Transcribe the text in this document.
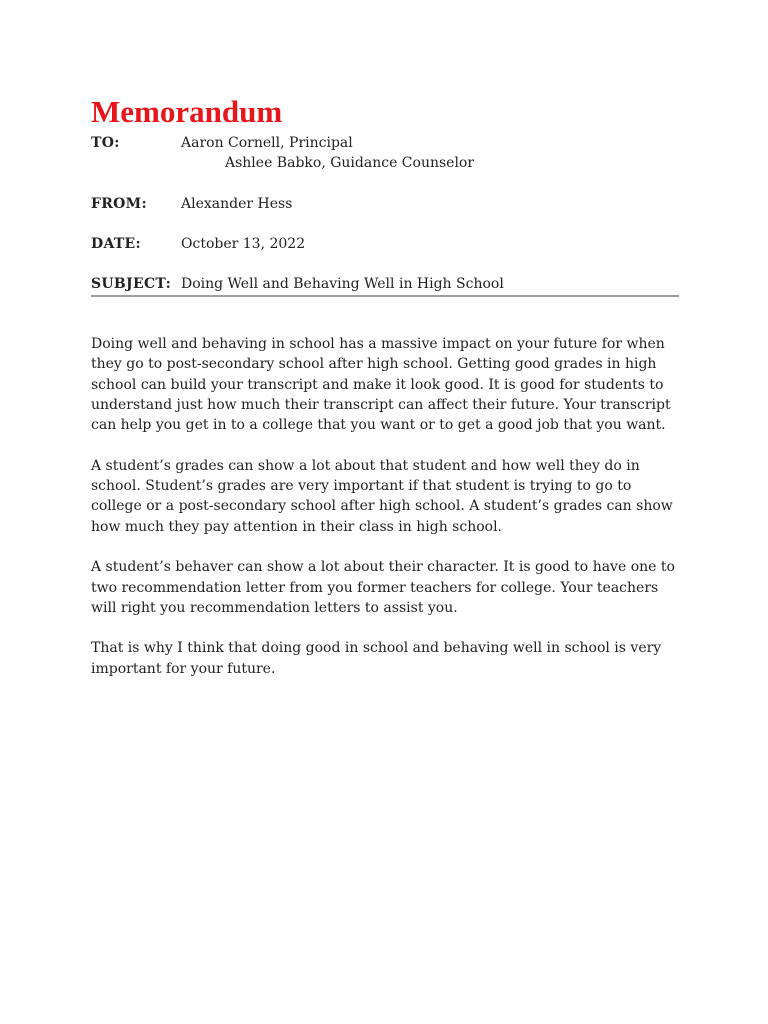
Memorandum
TO:	Aaron Cornell, Principal
Ashlee Babko, Guidance Counselor
FROM: Alexander Hess
DATE:	October 13, 2022
SUBJECT: Doing Well and Behaving Well in High School

Doing well and behaving in school has a massive impact on your future for when they go to post-secondary school after high school. Getting good grades in high school can build your transcript and make it look good. It is good for students to understand just how much their transcript can affect their future. Your transcript can help you get in to a college that you want or to get a good job that you want.

A student’s grades can show a lot about that student and how well they do in school. Student’s grades are very important if that student is trying to go to college or a post-secondary school after high school. A student’s grades can show how much they pay attention in their class in high school.

A student’s behaver can show a lot about their character. It is good to have one to two recommendation letter from you former teachers for college. Your teachers will right you recommendation letters to assist you.

That is why I think that doing good in school and behaving well in school is very important for your future.
